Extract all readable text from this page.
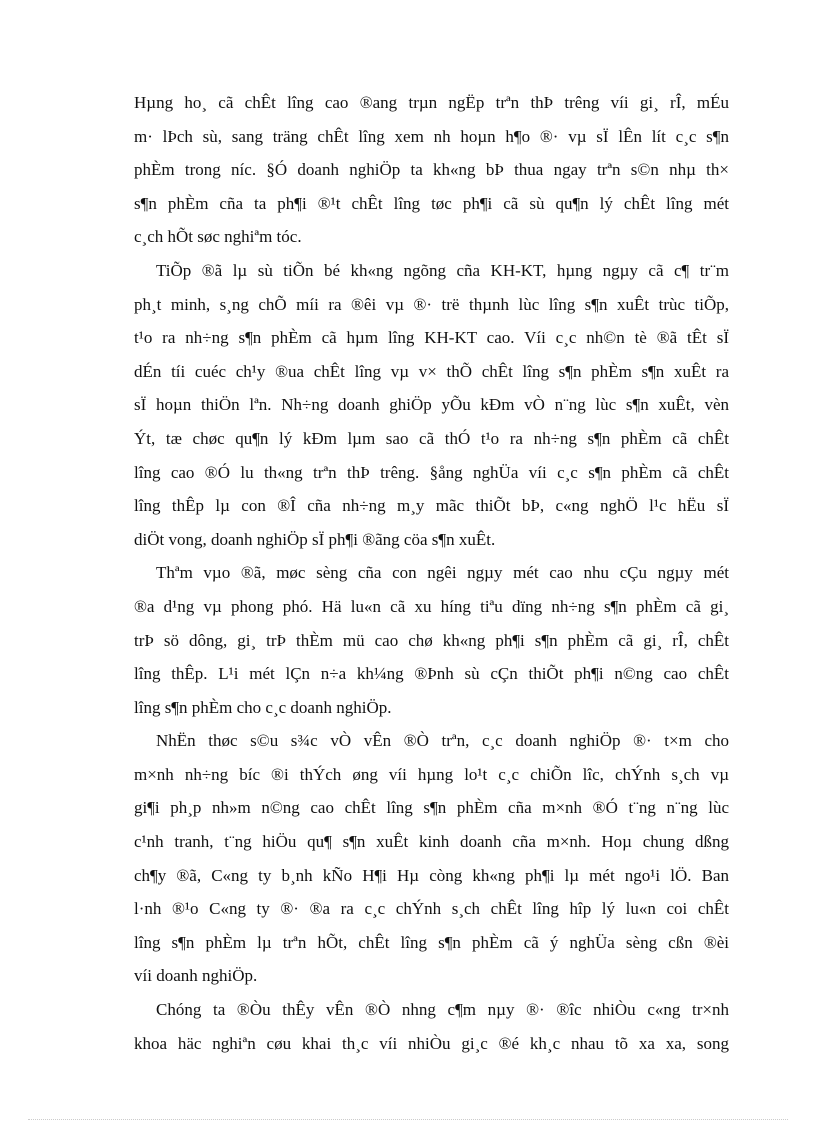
Hµng ho¸ cã chÊt lîng cao ®ang trµn ngËp trªn thÞ trêng víi gi¸ rÎ, mÉu
m· lÞch sù, sang träng chÊt lîng xem nh hoµn h¶o ®· vµ sÏ lÊn lít c¸c s¶n
phÈm trong níc. §Ó doanh nghiÖp ta kh«ng bÞ thua ngay trªn s©n nhµ th×
s¶n phÈm cña ta ph¶i ®¹t chÊt lîng tøc ph¶i cã sù qu¶n lý chÊt lîng mét
c¸ch hÕt søc nghiªm tóc.
TiÕp ®ã lµ sù tiÕn bé kh«ng ngõng cña KH-KT, hµng ngµy cã c¶ tr¨m
ph¸t minh, s¸ng chÕ míi ra ®êi vµ ®· trë thµnh lùc lîng s¶n xuÊt trùc tiÕp,
t¹o ra nh÷ng s¶n phÈm cã hµm lîng KH-KT cao. Víi c¸c nh©n tè ®ã tÊt sÏ
dÉn tíi cuéc ch¹y ®ua chÊt lîng vµ v× thÕ chÊt lîng s¶n phÈm s¶n xuÊt ra
sÏ hoµn thiÖn lªn. Nh÷ng doanh ghiÖp yÕu kÐm vÒ n¨ng lùc s¶n xuÊt, vèn
Ýt, tæ chøc qu¶n lý kÐm lµm sao cã thÓ t¹o ra nh÷ng s¶n phÈm cã chÊt
lîng cao ®Ó lu th«ng trªn thÞ trêng. §ång nghÜa víi c¸c s¶n phÈm cã chÊt
lîng thÊp lµ con ®Î cña nh÷ng m¸y mãc thiÕt bÞ, c«ng nghÖ l¹c hËu sÏ
diÖt vong, doanh nghiÖp sÏ ph¶i ®ãng cöa s¶n xuÊt.
Thªm vµo ®ã, møc sèng cña con ngêi ngµy mét cao nhu cÇu ngµy mét
®a d¹ng vµ phong phó. Hä lu«n cã xu híng tiªu dïng nh÷ng s¶n phÈm cã gi¸
trÞ sö dông, gi¸ trÞ thÈm mü cao chø kh«ng ph¶i s¶n phÈm cã gi¸ rÎ, chÊt
lîng thÊp. L¹i mét lÇn n÷a kh¼ng ®Þnh sù cÇn thiÕt ph¶i n©ng cao chÊt
lîng s¶n phÈm cho c¸c doanh nghiÖp.
NhËn thøc s©u s¾c vÒ vÊn ®Ò trªn, c¸c doanh nghiÖp ®· t×m cho
m×nh nh÷ng bíc ®i thÝch øng víi hµng lo¹t c¸c chiÕn lîc, chÝnh s¸ch vµ
gi¶i ph¸p nh»m n©ng cao chÊt lîng s¶n phÈm cña m×nh ®Ó t¨ng n¨ng lùc
c¹nh tranh, t¨ng hiÖu qu¶ s¶n xuÊt kinh doanh cña m×nh. Hoµ chung dßng
ch¶y ®ã, C«ng ty b¸nh kÑo H¶i Hµ còng kh«ng ph¶i lµ mét ngo¹i lÖ. Ban
l·nh ®¹o C«ng ty ®· ®a ra c¸c chÝnh s¸ch chÊt lîng hîp lý lu«n coi chÊt
lîng s¶n phÈm lµ trªn hÕt, chÊt lîng s¶n phÈm cã ý nghÜa sèng cßn ®èi
víi doanh nghiÖp.
Chóng ta ®Òu thÊy vÊn ®Ò nhng c¶m nµy ®· ®îc nhiÒu c«ng tr×nh
khoa häc nghiªn cøu khai th¸c víi nhiÒu gi¸c ®é kh¸c nhau tõ xa xa, song
